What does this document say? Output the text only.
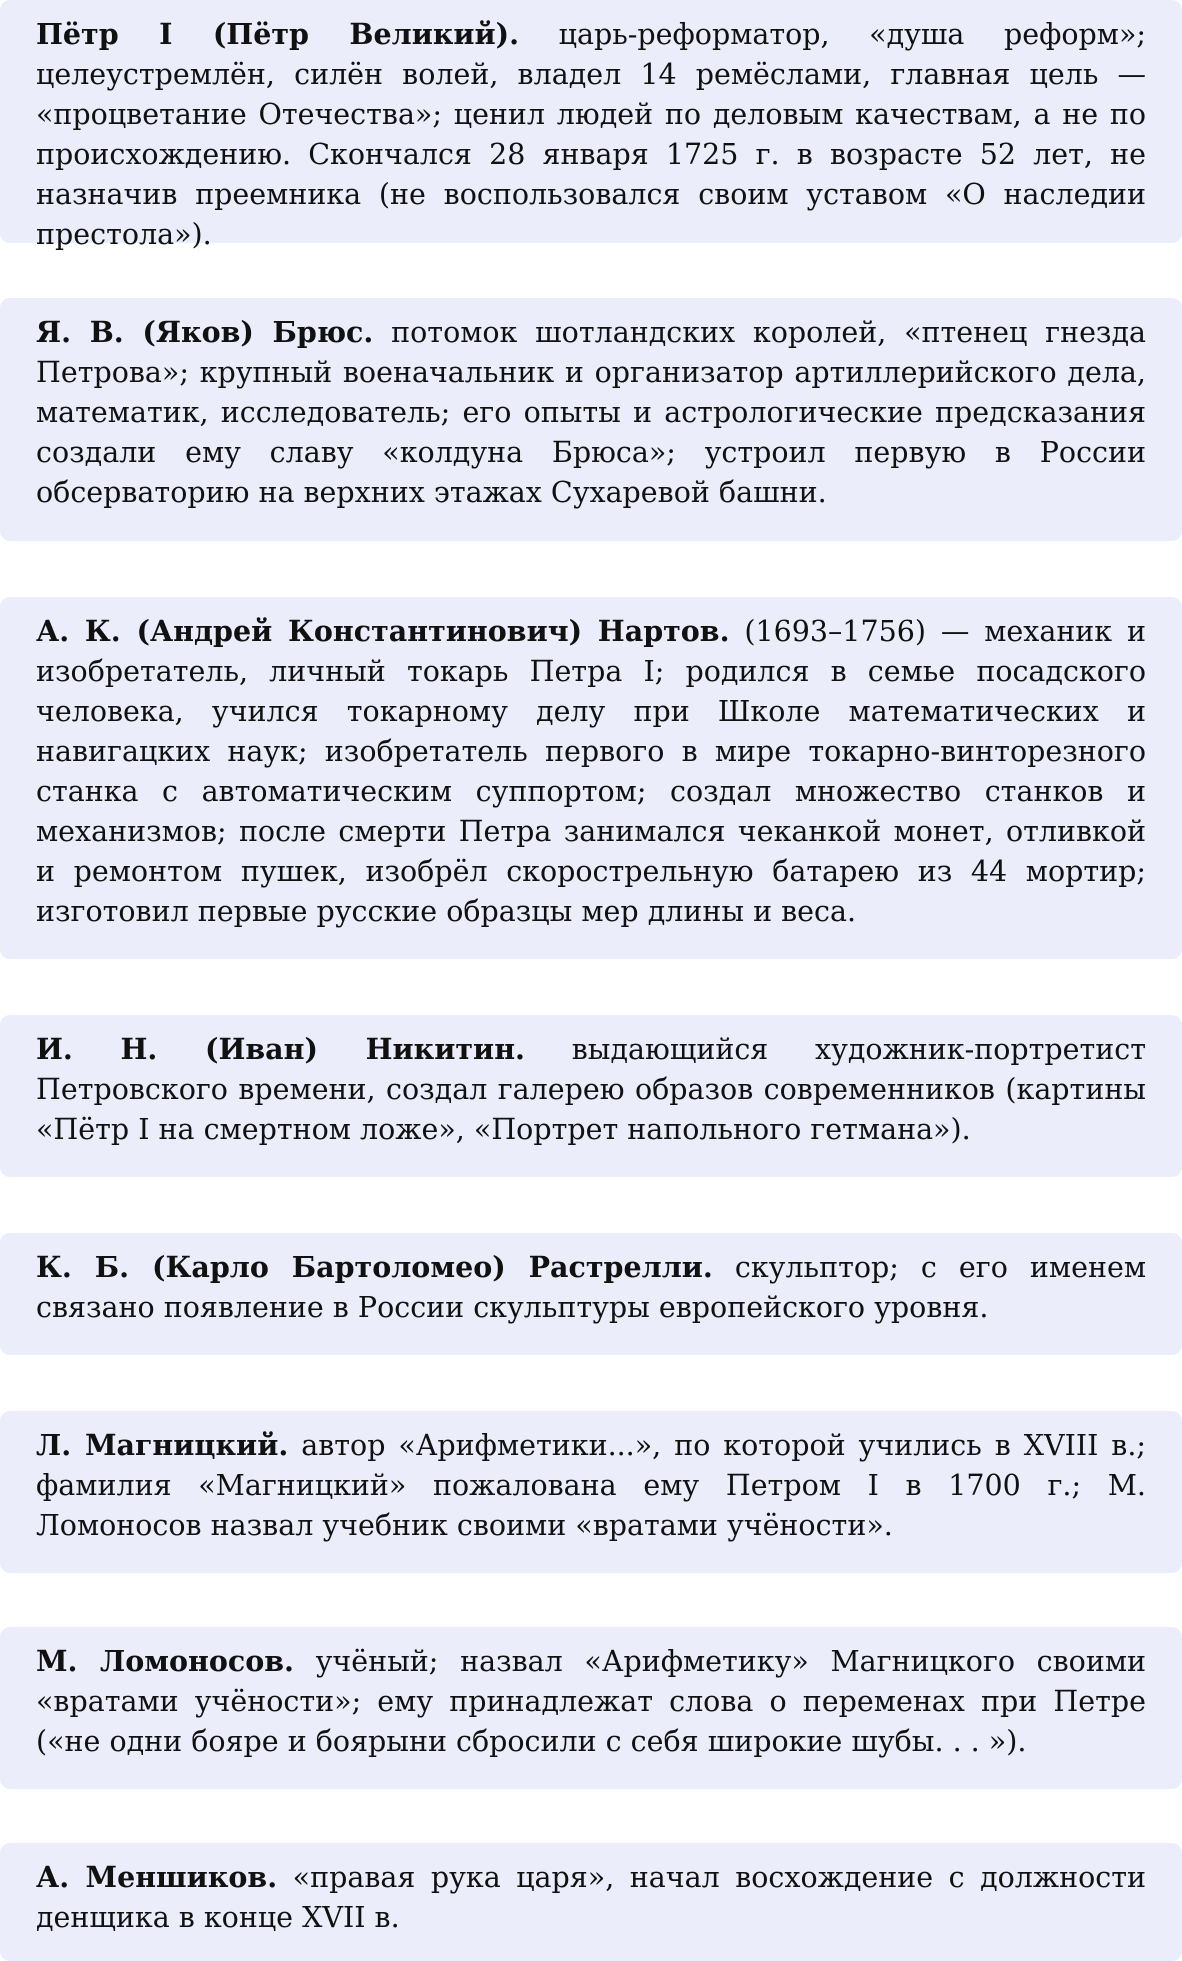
Пётр I (Пётр Великий). царь-реформатор, «душа реформ»; целеустремлён, силён волей, владел 14 ремёслами, главная цель — «процветание Отечества»; ценил людей по деловым качествам, а не по происхождению. Скончался 28 января 1725 г. в возрасте 52 лет, не назначив преемника (не воспользовался своим уставом «О наследии престола»).
Я. В. (Яков) Брюс. потомок шотландских королей, «птенец гнезда Петрова»; крупный военачальник и организатор артиллерийского дела, математик, исследователь; его опыты и астрологические предсказания создали ему славу «колдуна Брюса»; устроил первую в России обсерваторию на верхних этажах Сухаревой башни.
А. К. (Андрей Константинович) Нартов. (1693–1756) — механик и изобретатель, личный токарь Петра I; родился в семье посадского человека, учился токарному делу при Школе математических и навигацких наук; изобретатель первого в мире токарно-винторезного станка с автоматическим суппортом; создал множество станков и механизмов; после смерти Петра занимался чеканкой монет, отливкой и ремонтом пушек, изобрёл скорострельную батарею из 44 мортир; изготовил первые русские образцы мер длины и веса.
И. Н. (Иван) Никитин. выдающийся художник-портретист Петровского времени, создал галерею образов современников (картины «Пётр I на смертном ложе», «Портрет напольного гетмана»).
К. Б. (Карло Бартоломео) Растрелли. скульптор; с его именем связано появление в России скульптуры европейского уровня.
Л. Магницкий. автор «Арифметики...», по которой учились в XVIII в.; фамилия «Магницкий» пожалована ему Петром I в 1700 г.; М. Ломоносов назвал учебник своими «вратами учёности».
М. Ломоносов. учёный; назвал «Арифметику» Магницкого своими «вратами учёности»; ему принадлежат слова о переменах при Петре («не одни бояре и боярыни сбросили с себя широкие шубы. . . »).
А. Меншиков. «правая рука царя», начал восхождение с должности денщика в конце XVII в.
